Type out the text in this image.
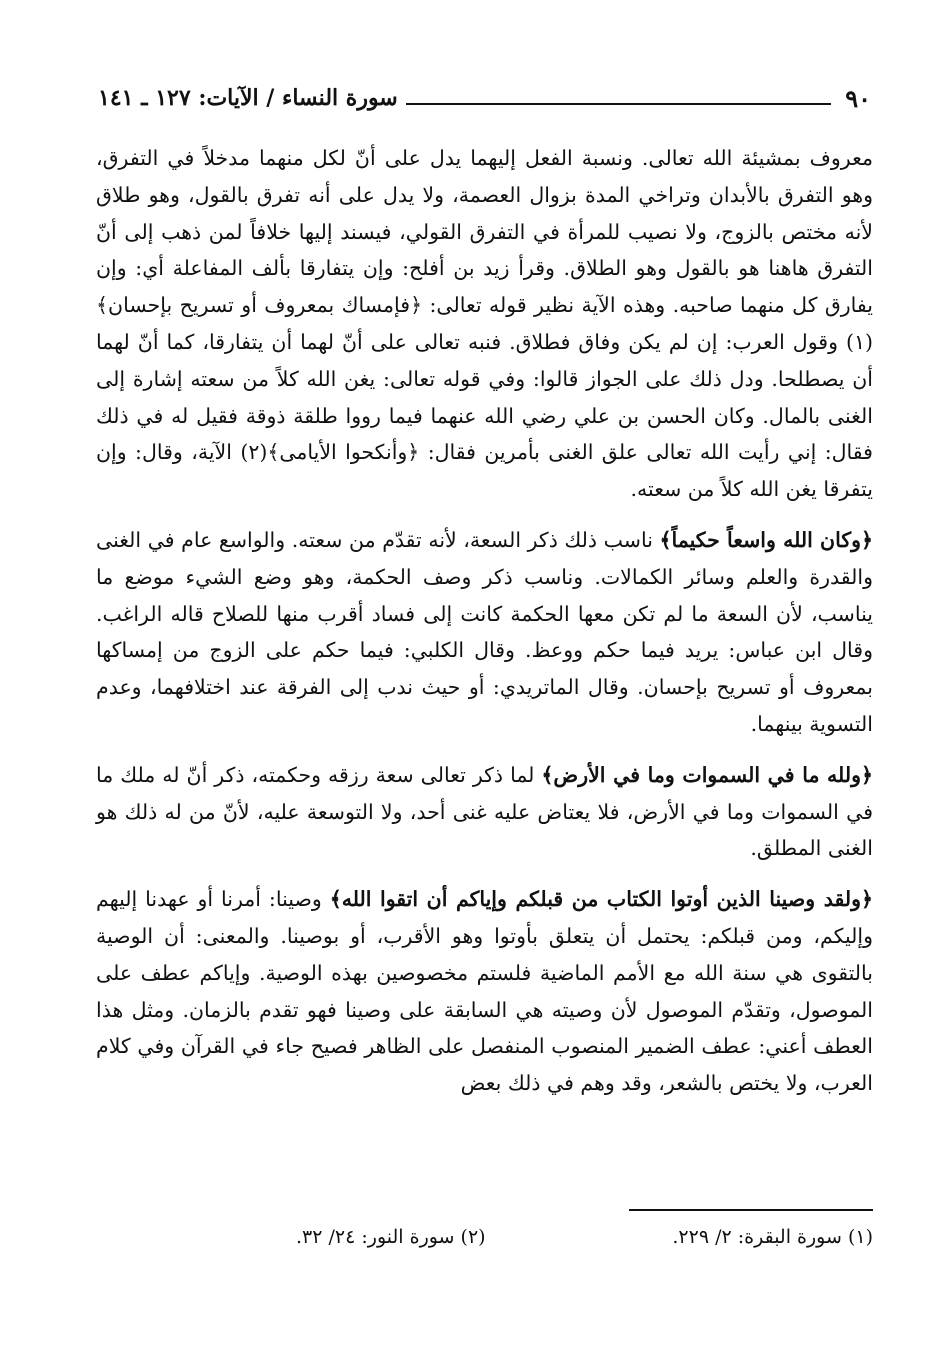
٩٠
سورة النساء / الآيات: ١٢٧ ـ ١٤١

معروف بمشيئة الله تعالى. ونسبة الفعل إليهما يدل على أنّ لكل منهما مدخلاً في التفرق، وهو التفرق بالأبدان وتراخي المدة بزوال العصمة، ولا يدل على أنه تفرق بالقول، وهو طلاق لأنه مختص بالزوج، ولا نصيب للمرأة في التفرق القولي، فيسند إليها خلافاً لمن ذهب إلى أنّ التفرق هاهنا هو بالقول وهو الطلاق. وقرأ زيد بن أفلح: وإن يتفارقا بألف المفاعلة أي: وإن يفارق كل منهما صاحبه. وهذه الآية نظير قوله تعالى: ﴿فإمساك بمعروف أو تسريح بإحسان﴾(١) وقول العرب: إن لم يكن وفاق فطلاق. فنبه تعالى على أنّ لهما أن يتفارقا، كما أنّ لهما أن يصطلحا. ودل ذلك على الجواز قالوا: وفي قوله تعالى: يغن الله كلاً من سعته إشارة إلى الغنى بالمال. وكان الحسن بن علي رضي الله عنهما فيما رووا طلقة ذوقة فقيل له في ذلك فقال: إني رأيت الله تعالى علق الغنى بأمرين فقال: ﴿وأنكحوا الأيامى﴾(٢) الآية، وقال: وإن يتفرقا يغن الله كلاً من سعته.

﴿وكان الله واسعاً حكيماً﴾ ناسب ذلك ذكر السعة، لأنه تقدّم من سعته. والواسع عام في الغنى والقدرة والعلم وسائر الكمالات. وناسب ذكر وصف الحكمة، وهو وضع الشيء موضع ما يناسب، لأن السعة ما لم تكن معها الحكمة كانت إلى فساد أقرب منها للصلاح قاله الراغب. وقال ابن عباس: يريد فيما حكم ووعظ. وقال الكلبي: فيما حكم على الزوج من إمساكها بمعروف أو تسريح بإحسان. وقال الماتريدي: أو حيث ندب إلى الفرقة عند اختلافهما، وعدم التسوية بينهما.

﴿ولله ما في السموات وما في الأرض﴾ لما ذكر تعالى سعة رزقه وحكمته، ذكر أنّ له ملك ما في السموات وما في الأرض، فلا يعتاض عليه غنى أحد، ولا التوسعة عليه، لأنّ من له ذلك هو الغنى المطلق.

﴿ولقد وصينا الذين أوتوا الكتاب من قبلكم وإياكم أن اتقوا الله﴾ وصينا: أمرنا أو عهدنا إليهم وإليكم، ومن قبلكم: يحتمل أن يتعلق بأوتوا وهو الأقرب، أو بوصينا. والمعنى: أن الوصية بالتقوى هي سنة الله مع الأمم الماضية فلستم مخصوصين بهذه الوصية. وإياكم عطف على الموصول، وتقدّم الموصول لأن وصيته هي السابقة على وصينا فهو تقدم بالزمان. ومثل هذا العطف أعني: عطف الضمير المنصوب المنفصل على الظاهر فصيح جاء في القرآن وفي كلام العرب، ولا يختص بالشعر، وقد وهم في ذلك بعض

(١) سورة البقرة: ٢/ ٢٢٩.
(٢) سورة النور: ٢٤/ ٣٢.
